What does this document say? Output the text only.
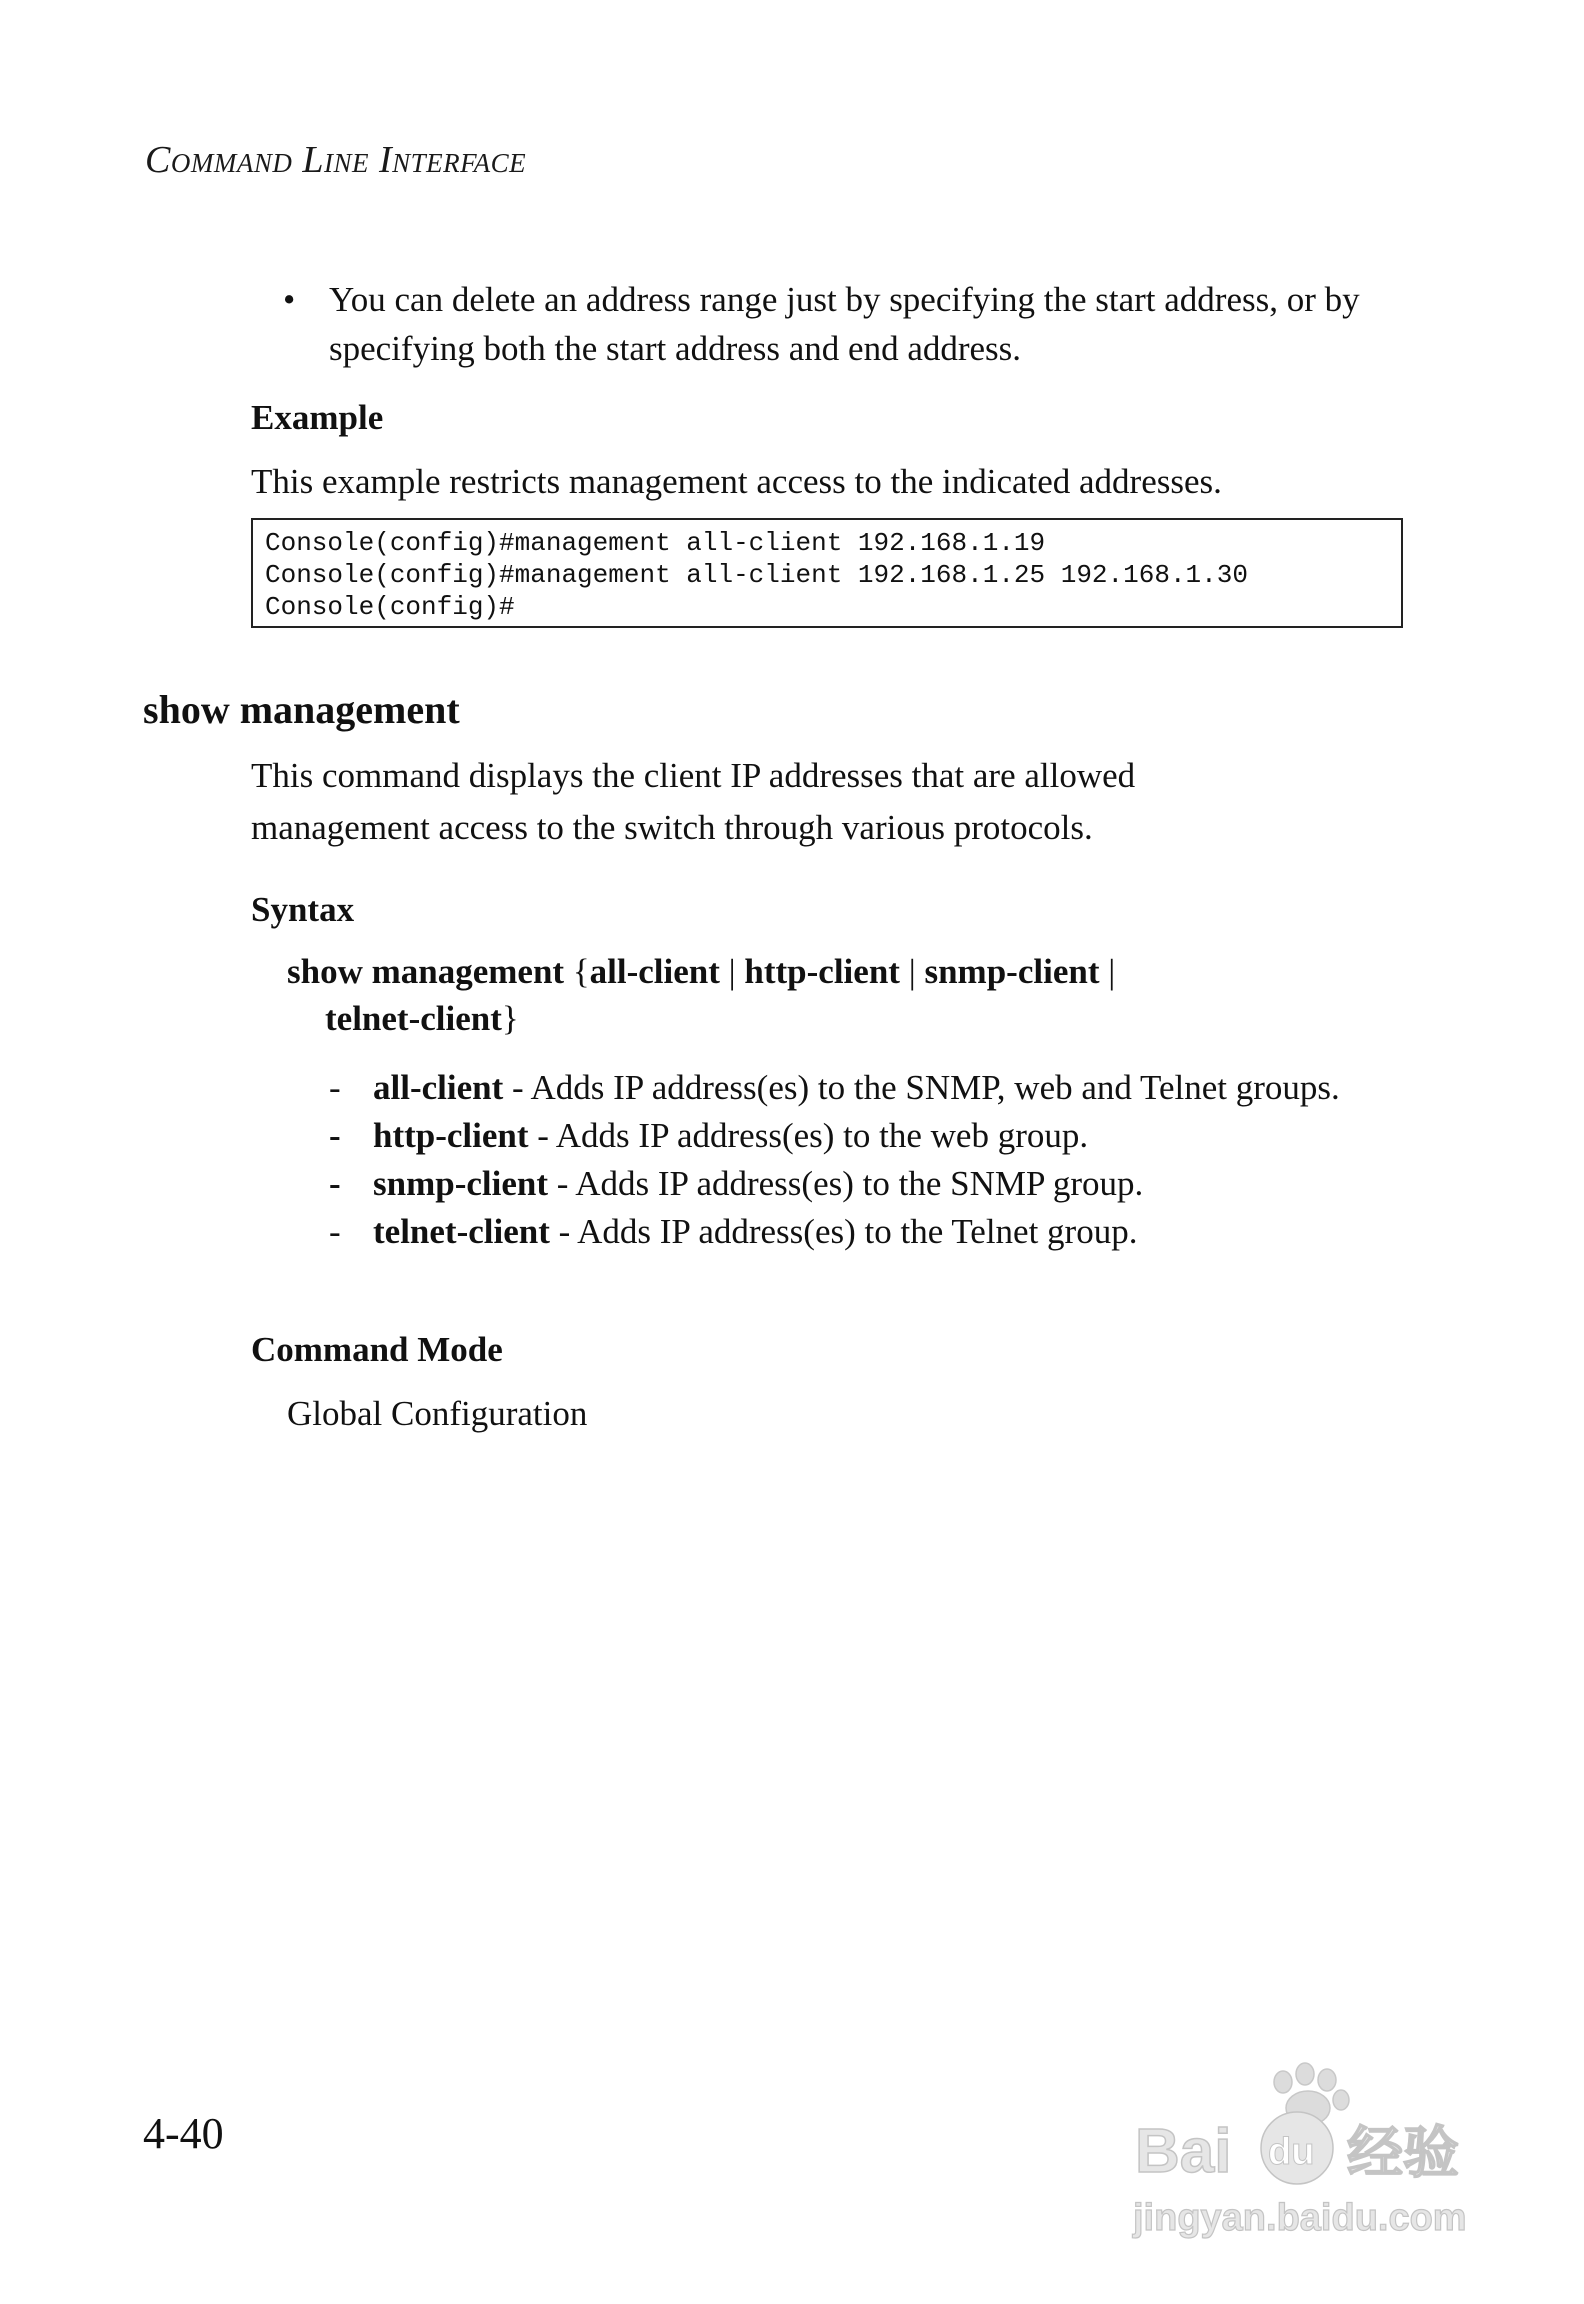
Command Line Interface
• You can delete an address range just by specifying the start address, or by specifying both the start address and end address.
Example
This example restricts management access to the indicated addresses.
Console(config)#management all-client 192.168.1.19
Console(config)#management all-client 192.168.1.25 192.168.1.30
Console(config)#
show management
This command displays the client IP addresses that are allowed management access to the switch through various protocols.
Syntax
show management {all-client | http-client | snmp-client |
telnet-client}
- all-client - Adds IP address(es) to the SNMP, web and Telnet groups.
- http-client - Adds IP address(es) to the web group.
- snmp-client - Adds IP address(es) to the SNMP group.
- telnet-client - Adds IP address(es) to the Telnet group.
Command Mode
Global Configuration
4-40	Bai du 经验
jingyan.baidu.com
